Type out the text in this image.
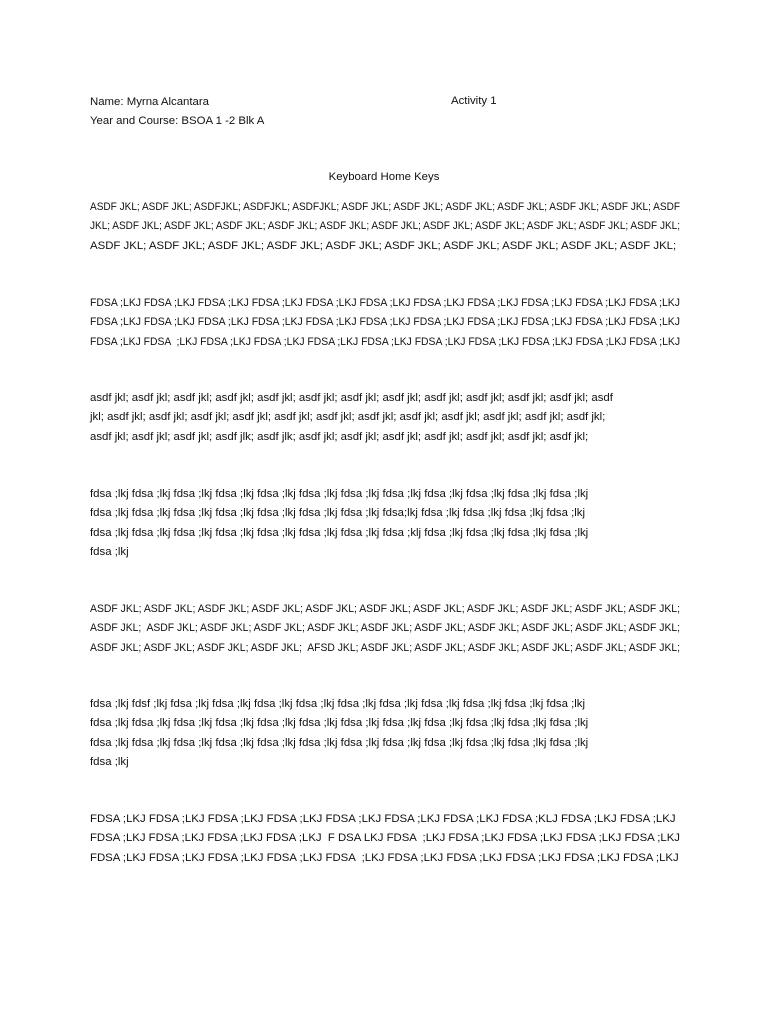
Name: Myrna Alcantara	Activity 1
Year and Course: BSOA 1 -2 Blk A
Keyboard Home Keys
ASDF JKL; ASDF JKL; ASDFJKL; ASDFJKL; ASDFJKL; ASDF JKL; ASDF JKL; ASDF JKL; ASDF JKL; ASDF JKL; ASDF JKL; ASDF
JKL; ASDF JKL; ASDF JKL; ASDF JKL; ASDF JKL; ASDF JKL; ASDF JKL; ASDF JKL; ASDF JKL; ASDF JKL; ASDF JKL; ASDF JKL;
ASDF JKL; ASDF JKL; ASDF JKL; ASDF JKL; ASDF JKL; ASDF JKL; ASDF JKL; ASDF JKL; ASDF JKL; ASDF JKL;
FDSA ;LKJ FDSA ;LKJ FDSA ;LKJ FDSA ;LKJ FDSA ;LKJ FDSA ;LKJ FDSA ;LKJ FDSA ;LKJ FDSA ;LKJ FDSA ;LKJ FDSA ;LKJ
FDSA ;LKJ FDSA ;LKJ FDSA ;LKJ FDSA ;LKJ FDSA ;LKJ FDSA ;LKJ FDSA ;LKJ FDSA ;LKJ FDSA ;LKJ FDSA ;LKJ FDSA ;LKJ
FDSA ;LKJ FDSA  ;LKJ FDSA ;LKJ FDSA ;LKJ FDSA ;LKJ FDSA ;LKJ FDSA ;LKJ FDSA ;LKJ FDSA ;LKJ FDSA ;LKJ FDSA ;LKJ
asdf jkl; asdf jkl; asdf jkl; asdf jkl; asdf jkl; asdf jkl; asdf jkl; asdf jkl; asdf jkl; asdf jkl; asdf jkl; asdf jkl; asdf
jkl; asdf jkl; asdf jkl; asdf jkl; asdf jkl; asdf jkl; asdf jkl; asdf jkl; asdf jkl; asdf jkl; asdf jkl; asdf jkl; asdf jkl;
asdf jkl; asdf jkl; asdf jkl; asdf jlk; asdf jlk; asdf jkl; asdf jkl; asdf jkl; asdf jkl; asdf jkl; asdf jkl; asdf jkl;
fdsa ;lkj fdsa ;lkj fdsa ;lkj fdsa ;lkj fdsa ;lkj fdsa ;lkj fdsa ;lkj fdsa ;lkj fdsa ;lkj fdsa ;lkj fdsa ;lkj fdsa ;lkj
fdsa ;lkj fdsa ;lkj fdsa ;lkj fdsa ;lkj fdsa ;lkj fdsa ;lkj fdsa ;lkj fdsa;lkj fdsa ;lkj fdsa ;lkj fdsa ;lkj fdsa ;lkj
fdsa ;lkj fdsa ;lkj fdsa ;lkj fdsa ;lkj fdsa ;lkj fdsa ;lkj fdsa ;lkj fdsa ;klj fdsa ;lkj fdsa ;lkj fdsa ;lkj fdsa ;lkj
fdsa ;lkj
ASDF JKL; ASDF JKL; ASDF JKL; ASDF JKL; ASDF JKL; ASDF JKL; ASDF JKL; ASDF JKL; ASDF JKL; ASDF JKL; ASDF JKL;
ASDF JKL;  ASDF JKL; ASDF JKL; ASDF JKL; ASDF JKL; ASDF JKL; ASDF JKL; ASDF JKL; ASDF JKL; ASDF JKL; ASDF JKL;
ASDF JKL; ASDF JKL; ASDF JKL; ASDF JKL;  AFSD JKL; ASDF JKL; ASDF JKL; ASDF JKL; ASDF JKL; ASDF JKL; ASDF JKL;
fdsa ;lkj fdsf ;lkj fdsa ;lkj fdsa ;lkj fdsa ;lkj fdsa ;lkj fdsa ;lkj fdsa ;lkj fdsa ;lkj fdsa ;lkj fdsa ;lkj fdsa ;lkj
fdsa ;lkj fdsa ;lkj fdsa ;lkj fdsa ;lkj fdsa ;lkj fdsa ;lkj fdsa ;lkj fdsa ;lkj fdsa ;lkj fdsa ;lkj fdsa ;lkj fdsa ;lkj
fdsa ;lkj fdsa ;lkj fdsa ;lkj fdsa ;lkj fdsa ;lkj fdsa ;lkj fdsa ;lkj fdsa ;lkj fdsa ;lkj fdsa ;lkj fdsa ;lkj fdsa ;lkj
fdsa ;lkj
FDSA ;LKJ FDSA ;LKJ FDSA ;LKJ FDSA ;LKJ FDSA ;LKJ FDSA ;LKJ FDSA ;LKJ FDSA ;KLJ FDSA ;LKJ FDSA ;LKJ
FDSA ;LKJ FDSA ;LKJ FDSA ;LKJ FDSA ;LKJ  F DSA LKJ FDSA  ;LKJ FDSA ;LKJ FDSA ;LKJ FDSA ;LKJ FDSA ;LKJ
FDSA ;LKJ FDSA ;LKJ FDSA ;LKJ FDSA ;LKJ FDSA  ;LKJ FDSA ;LKJ FDSA ;LKJ FDSA ;LKJ FDSA ;LKJ FDSA ;LKJ
